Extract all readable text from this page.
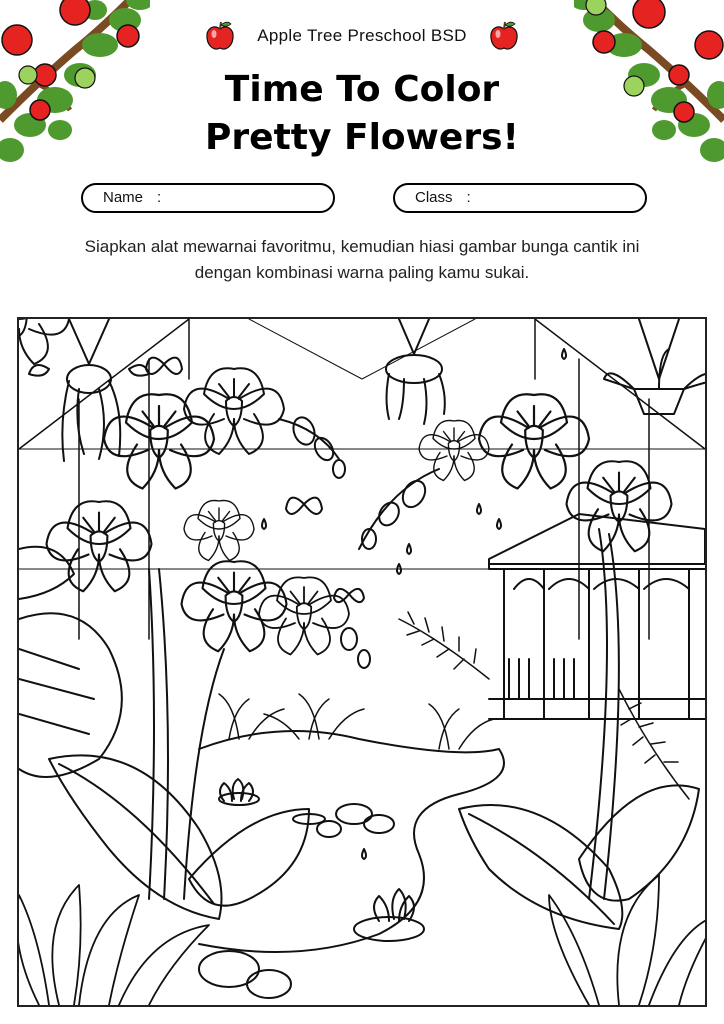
Apple Tree Preschool BSD
Time To Color
Pretty Flowers!
Name :	Class :
Siapkan alat mewarnai favoritmu, kemudian hiasi gambar bunga cantik ini dengan kombinasi warna paling kamu sukai.
